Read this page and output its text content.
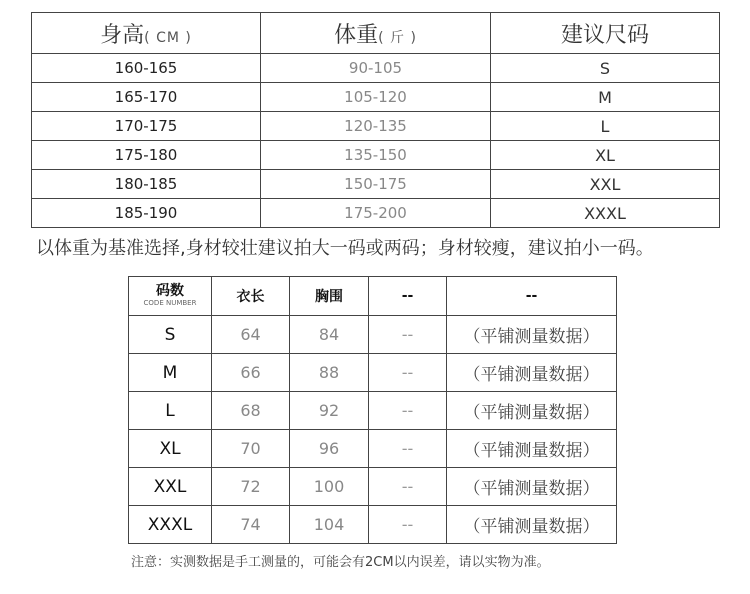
身高( CM )	体重( 斤 )	建议尺码
160-165	90-105	S
165-170	105-120	M
170-175	120-135	L
175-180	135-150	XL
180-185	150-175	XXL
185-190	175-200	XXXL
以体重为基准选择,身材较壮建议拍大一码或两码；身材较瘦，建议拍小一码。
码数
CODE NUMBER	衣长	胸围	--	--
S	64	84	--	（平铺测量数据）
M	66	88	--	（平铺测量数据）
L	68	92	--	（平铺测量数据）
XL	70	96	--	（平铺测量数据）
XXL	72	100	--	（平铺测量数据）
XXXL	74	104	--	（平铺测量数据）
注意：实测数据是手工测量的，可能会有2CM以内误差，请以实物为准。
